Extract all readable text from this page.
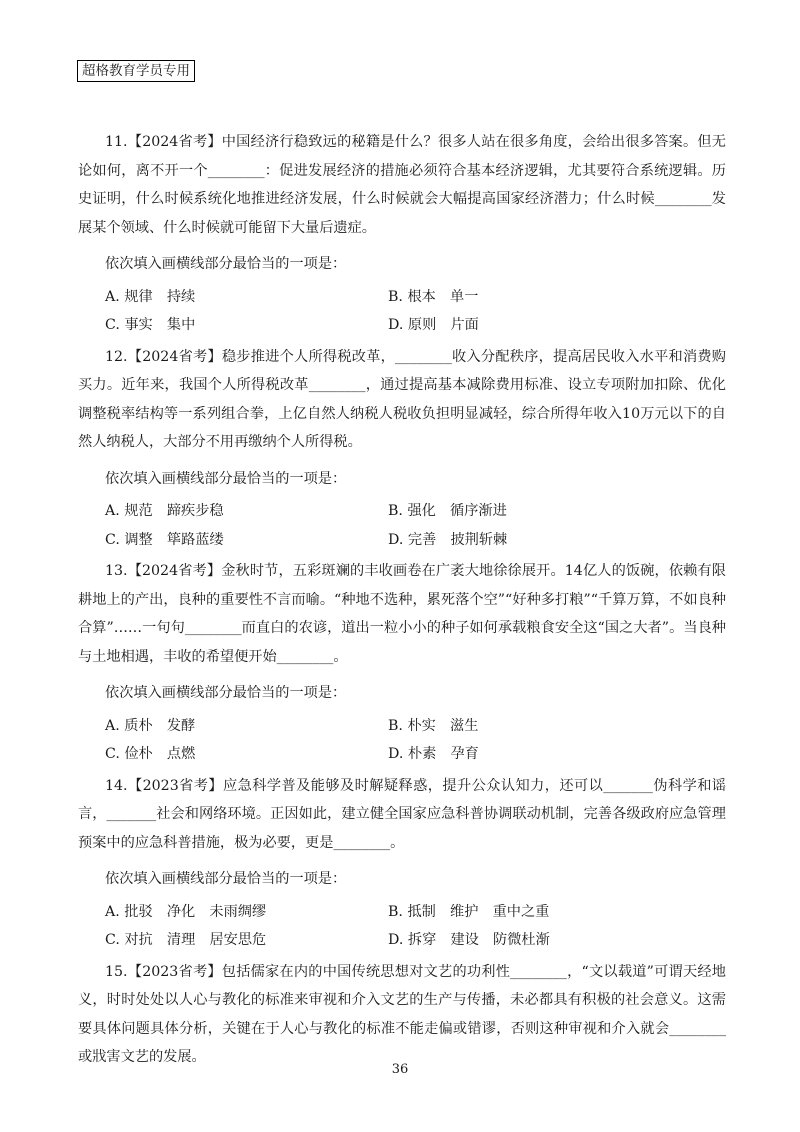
超格教育学员专用

11.【2024省考】中国经济行稳致远的秘籍是什么？很多人站在很多角度，会给出很多答案。但无论如何，离不开一个________：促进发展经济的措施必须符合基本经济逻辑，尤其要符合系统逻辑。历史证明，什么时候系统化地推进经济发展，什么时候就会大幅提高国家经济潜力；什么时候________发展某个领域、什么时候就可能留下大量后遗症。

依次填入画横线部分最恰当的一项是：

A. 规律　持续	B. 根本　单一
C. 事实　集中	D. 原则　片面

12.【2024省考】稳步推进个人所得税改革，________收入分配秩序，提高居民收入水平和消费购买力。近年来，我国个人所得税改革________，通过提高基本减除费用标准、设立专项附加扣除、优化调整税率结构等一系列组合拳，上亿自然人纳税人税收负担明显减轻，综合所得年收入10万元以下的自然人纳税人，大部分不用再缴纳个人所得税。

依次填入画横线部分最恰当的一项是：

A. 规范　蹄疾步稳	B. 强化　循序渐进
C. 调整　筚路蓝缕	D. 完善　披荆斩棘

13.【2024省考】金秋时节，五彩斑斓的丰收画卷在广袤大地徐徐展开。14亿人的饭碗，依赖有限耕地上的产出，良种的重要性不言而喻。“种地不选种，累死落个空”“好种多打粮”“千算万算，不如良种合算”……一句句________而直白的农谚，道出一粒小小的种子如何承载粮食安全这“国之大者”。当良种与土地相遇，丰收的希望便开始________。

依次填入画横线部分最恰当的一项是：

A. 质朴　发酵	B. 朴实　滋生
C. 俭朴　点燃	D. 朴素　孕育

14.【2023省考】应急科学普及能够及时解疑释惑，提升公众认知力，还可以_______伪科学和谣言，_______社会和网络环境。正因如此，建立健全国家应急科普协调联动机制，完善各级政府应急管理预案中的应急科普措施，极为必要，更是________。

依次填入画横线部分最恰当的一项是：

A. 批驳　净化　未雨绸缪	B. 抵制　维护　重中之重
C. 对抗　清理　居安思危	D. 拆穿　建设　防微杜渐

15.【2023省考】包括儒家在内的中国传统思想对文艺的功利性________，“文以载道”可谓天经地义，时时处处以人心与教化的标准来审视和介入文艺的生产与传播，未必都具有积极的社会意义。这需要具体问题具体分析，关键在于人心与教化的标准不能走偏或错谬，否则这种审视和介入就会________或戕害文艺的发展。

36
